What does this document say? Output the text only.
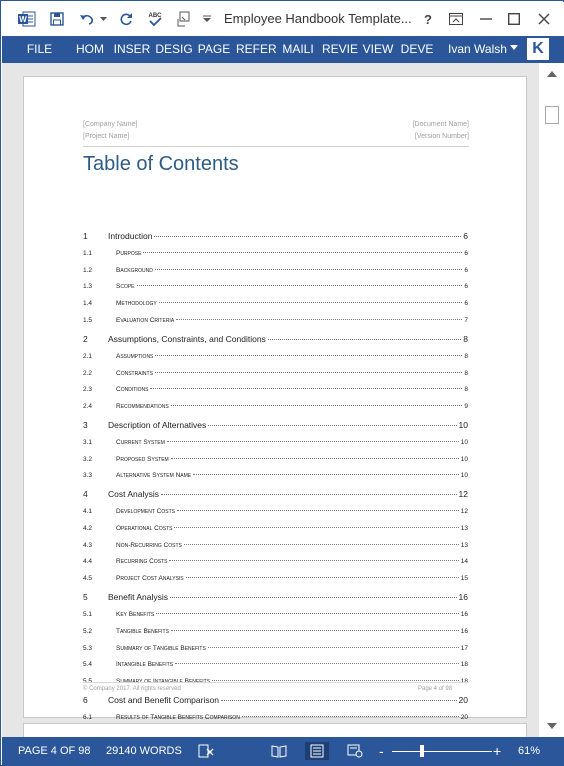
W	ABC	Employee Handbook Template... ?
FILE	HOM INSER DESIG PAGE REFER MAILI REVIE VIEW DEVE Ivan Walsh	K
[Company Name]
[Project Name]
[Document Name]
[Version Number]
Table of Contents
1	Introduction	6
1.1	Purpose	6
1.2	Background	6
1.3	Scope	6
1.4	Methodology	6
1.5	Evaluation Criteria	7
2	Assumptions, Constraints, and Conditions	8
2.1	Assumptions	8
2.2	Constraints	8
2.3	Conditions	8
2.4	Recommendations	9
3	Description of Alternatives	10
3.1	Current System	10
3.2	Proposed System	10
3.3	Alternative System Name	10
4	Cost Analysis	12
4.1	Development Costs	12
4.2	Operational Costs	13
4.3	Non-Recurring Costs	13
4.4	Recurring Costs	14
4.5	Project Cost Analysis	15
5	Benefit Analysis	16
5.1	Key Benefits	16
5.2	Tangible Benefits	16
5.3	Summary of Tangible Benefits	17
5.4	Intangible Benefits	18
5.5	Summary of Intangible Benefits	18
6	Cost and Benefit Comparison	20
6.1	Results of Tangible Benefits Comparison	20
© Company 2017. All rights reserved	Page 4 of 98
PAGE 4 OF 98 29140 WORDS	-	+ 61%
